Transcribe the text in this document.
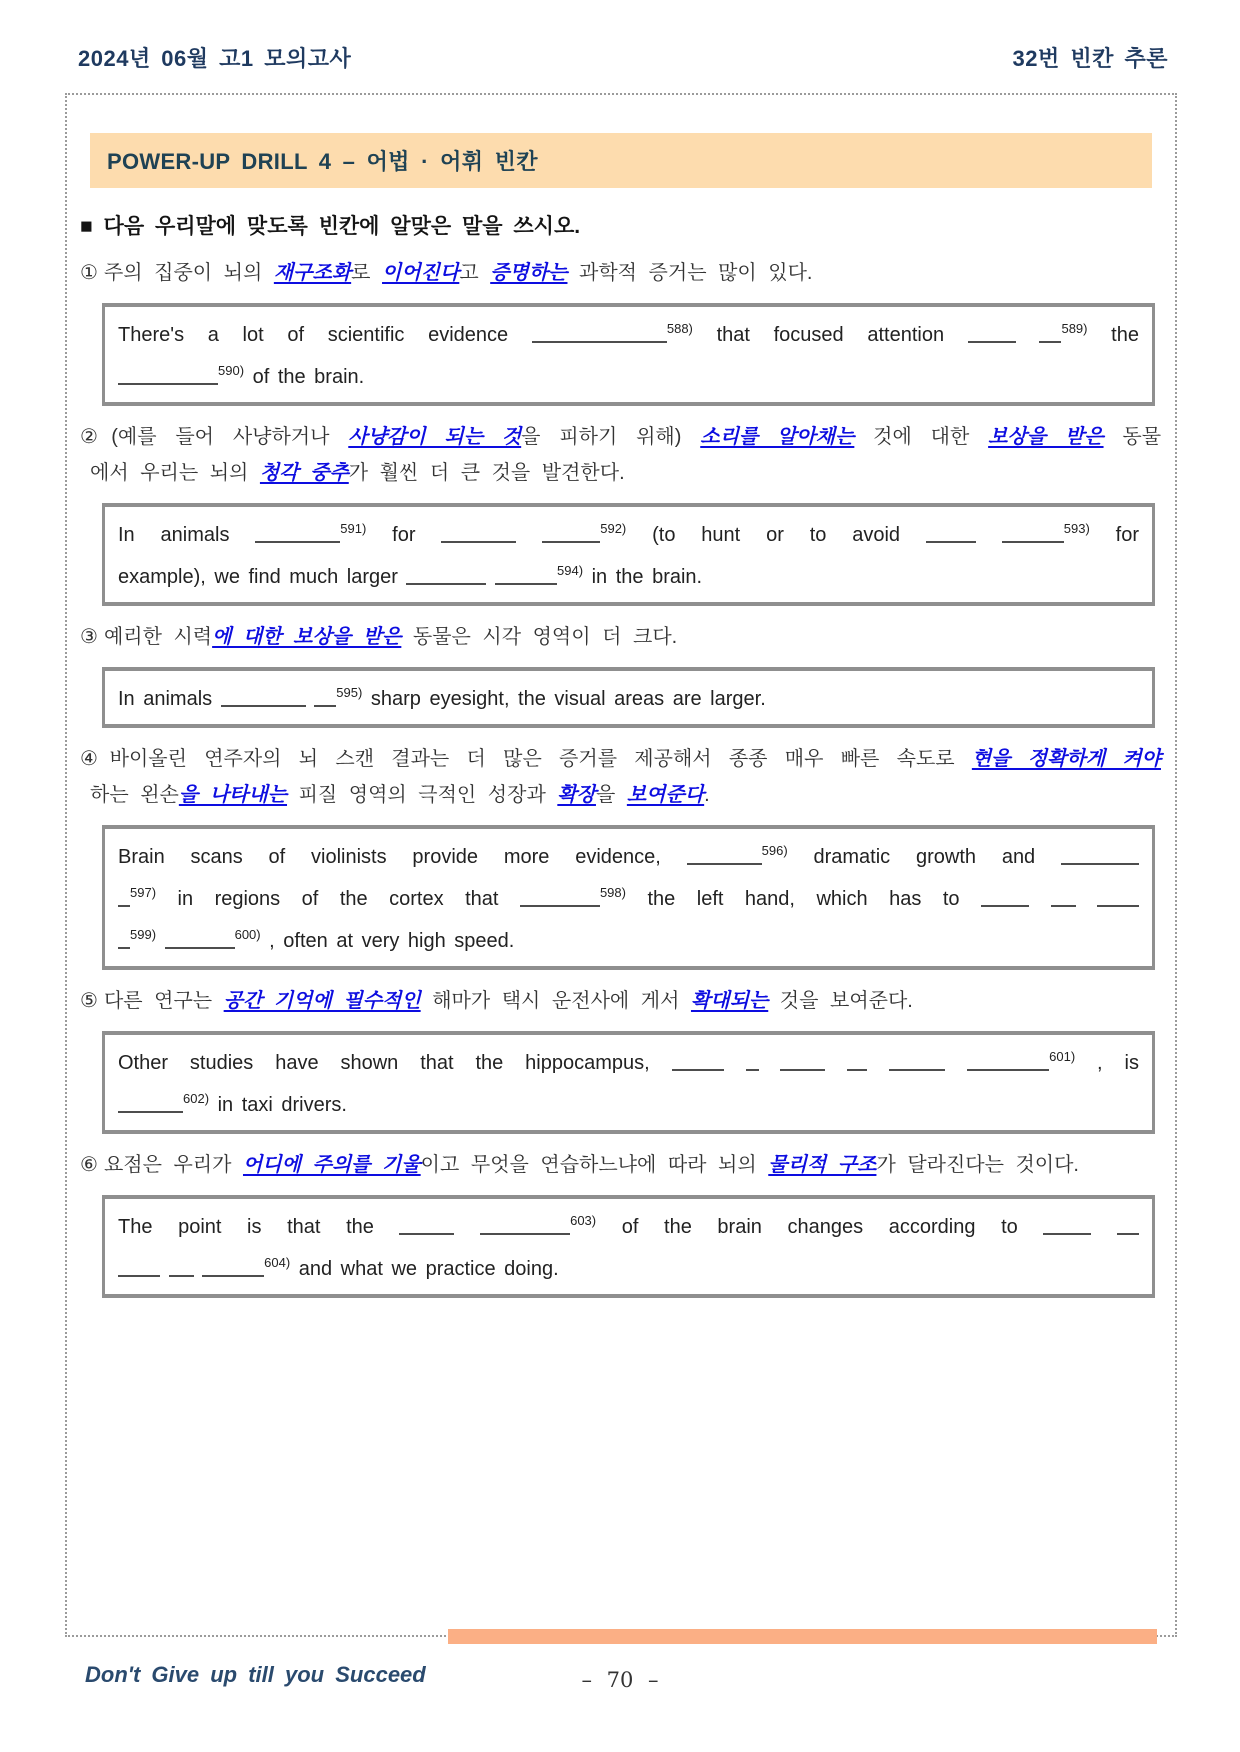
2024년 06월 고1 모의고사	32번 빈칸 추론
POWER-UP DRILL 4 – 어법 · 어휘 빈칸
■ 다음 우리말에 맞도록 빈칸에 알맞은 말을 쓰시오.
① 주의 집중이 뇌의 재구조화로 이어진다고 증명하는 과학적 증거는 많이 있다.
There's a lot of scientific evidence	$^{588)}$ that focused attention	$^{589)}$ the
$^{590)}$ of the brain.
② (예를 들어 사냥하거나 사냥감이 되는 것을 피하기 위해) 소리를 알아채는 것에 대한 보상을 받은 동물
에서 우리는 뇌의 청각 중추가 훨씬 더 큰 것을 발견한다.
In animals	$^{591)}$ for	$^{592)}$ (to hunt or to avoid	$^{593)}$ for
example), we find much larger	$^{594)}$ in the brain.
③ 예리한 시력에 대한 보상을 받은 동물은 시각 영역이 더 크다.
In animals	$^{595)}$ sharp eyesight, the visual areas are larger.
④ 바이올린 연주자의 뇌 스캔 결과는 더 많은 증거를 제공해서 종종 매우 빠른 속도로 현을 정확하게 켜야
하는 왼손을 나타내는 피질 영역의 극적인 성장과 확장을 보여준다.
Brain scans of violinists provide more evidence,	$^{596)}$ dramatic growth and
$^{597)}$ in regions of the cortex that	$^{598)}$ the left hand, which has to
$^{599)}$	$^{600)}$ , often at very high speed.
⑤ 다른 연구는 공간 기억에 필수적인 해마가 택시 운전사에 게서 확대되는 것을 보여준다.
Other studies have shown that the hippocampus,	$^{601)}$ , is
$^{602)}$ in taxi drivers.
⑥ 요점은 우리가 어디에 주의를 기울이고 무엇을 연습하느냐에 따라 뇌의 물리적 구조가 달라진다는 것이다.
The point is that the	$^{603)}$ of the brain changes according to
$^{604)}$ and what we practice doing.
Don't Give up till you Succeed	– 70 –
